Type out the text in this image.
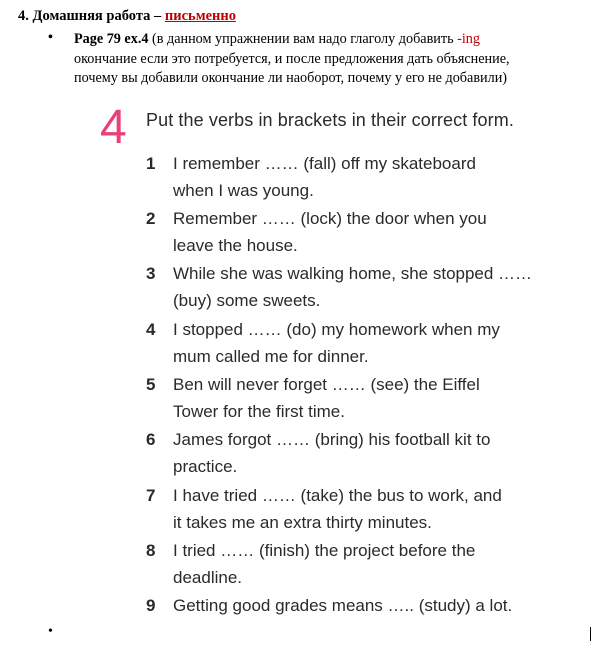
4. Домашняя работа – письменно
• Page 79 ex.4 (в данном упражнении вам надо глаголу добавить -ing
окончание если это потребуется, и после предложения дать объяснение,
почему вы добавили окончание ли наоборот, почему у его не добавили)
4 Put the verbs in brackets in their correct form.
1	I remember …… (fall) off my skateboard
when I was young.
2	Remember …… (lock) the door when you
leave the house.
3	While she was walking home, she stopped ……
(buy) some sweets.
4	I stopped …… (do) my homework when my
mum called me for dinner.
5	Ben will never forget …… (see) the Eiffel
Tower for the first time.
6	James forgot …… (bring) his football kit to
practice.
7	I have tried …… (take) the bus to work, and
it takes me an extra thirty minutes.
8	I tried …… (finish) the project before the
deadline.
9	Getting good grades means ….. (study) a lot.
•
